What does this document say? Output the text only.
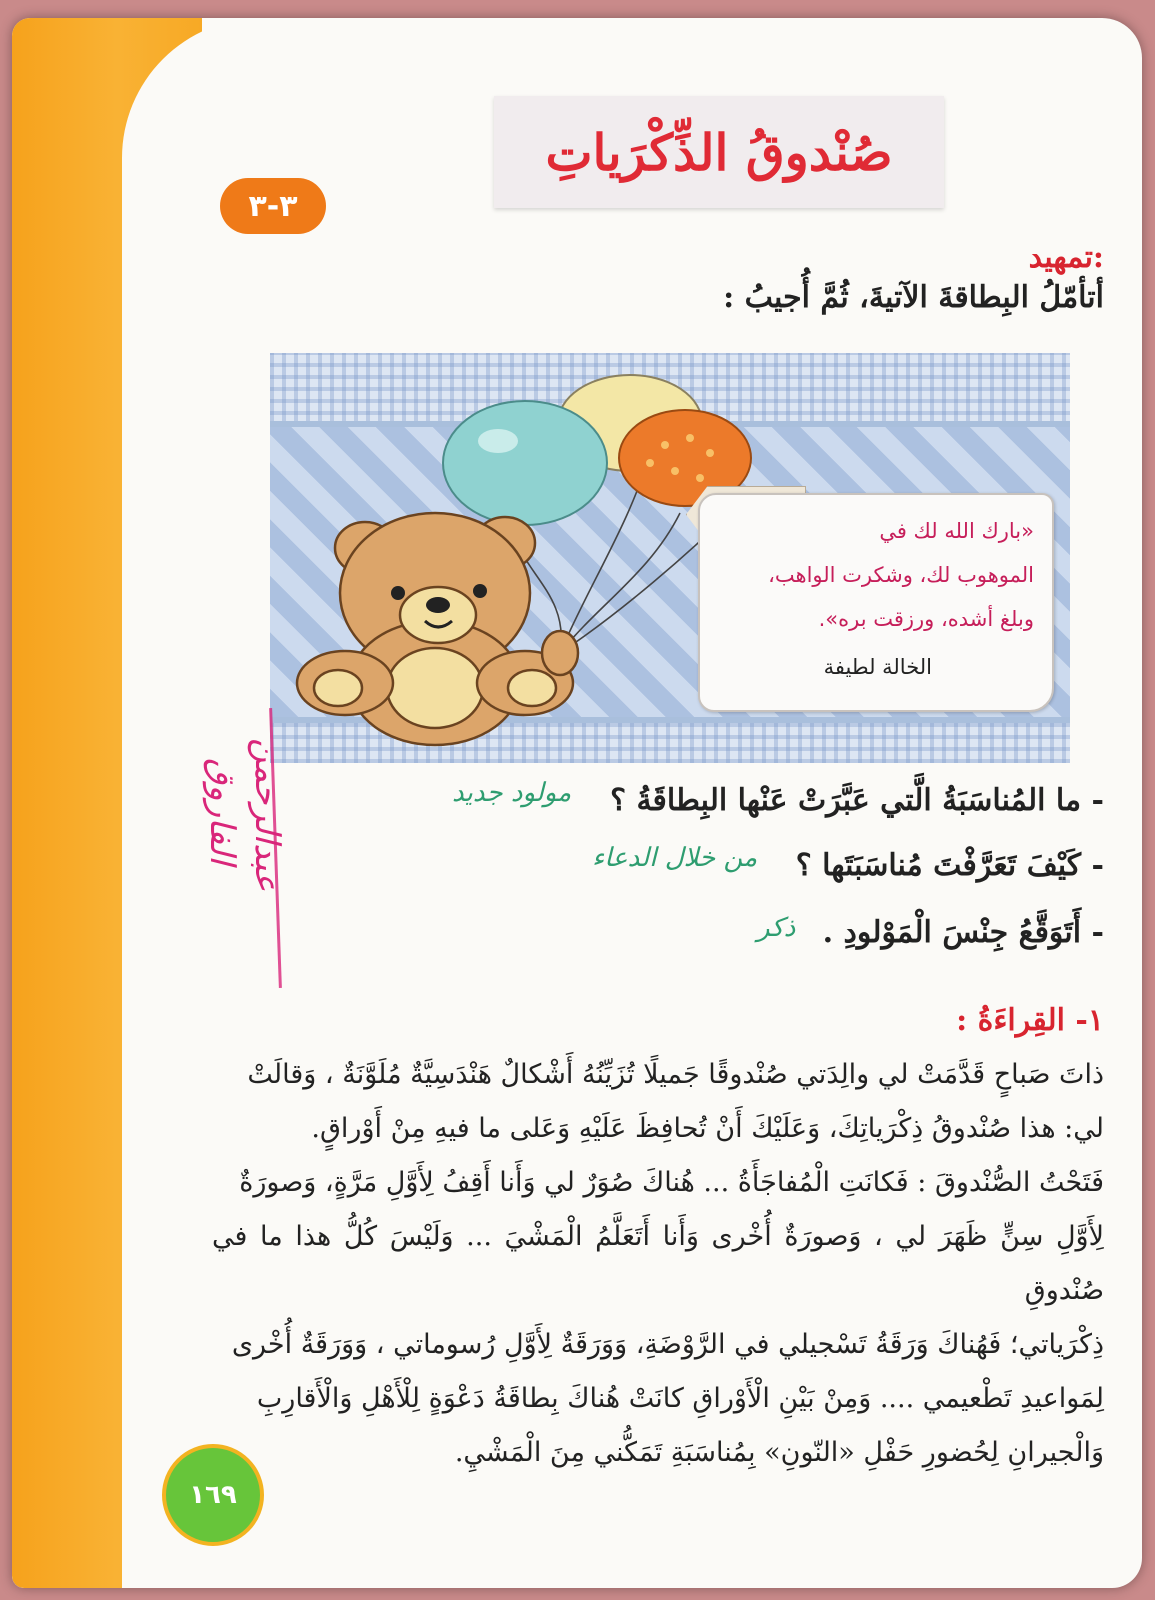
صُنْدوقُ الذِّكْرَياتِ
٣-٣
تمهيد:
أتأمّلُ البِطاقةَ الآتيةَ، ثُمَّ أُجيبُ :
«بارك الله لك في
الموهوب لك، وشكرت الواهب،
وبلغ أشده، ورزقت بره».
الخالة لطيفة
الفاروق عبدالرحمن	- ما المُناسَبَةُ الَّتي عَبَّرَتْ عَنْها البِطاقَةُ ؟
مولود جديد
- كَيْفَ تَعَرَّفْتَ مُناسَبَتَها ؟
من خلال الدعاء
- أَتَوَقَّعُ جِنْسَ الْمَوْلودِ .
ذكر
١- القِراءَةُ :

ذاتَ صَباحٍ قَدَّمَتْ لي والِدَتي صُنْدوقًا جَميلًا تُزَيِّنُهُ أَشْكالٌ هَنْدَسِيَّةٌ مُلَوَّنَةٌ ، وَقالَتْ

لي: هذا صُنْدوقُ ذِكْرَياتِكَ، وَعَلَيْكَ أَنْ تُحافِظَ عَلَيْهِ وَعَلى ما فيهِ مِنْ أَوْراقٍ.

فَتَحْتُ الصُّنْدوقَ : فَكانَتِ الْمُفاجَأَةُ ... هُناكَ صُوَرٌ لي وَأَنا أَقِفُ لِأَوَّلِ مَرَّةٍ، وَصورَةٌ

لِأَوَّلِ سِنٍّ ظَهَرَ لي ، وَصورَةٌ أُخْرى وَأَنا أَتَعَلَّمُ الْمَشْيَ ... وَلَيْسَ كُلُّ هذا ما في صُنْدوقِ

ذِكْرَياتي؛ فَهُناكَ وَرَقَةُ تَسْجيلي في الرَّوْضَةِ، وَوَرَقَةٌ لِأَوَّلِ رُسوماتي ، وَوَرَقَةٌ أُخْرى

لِمَواعيدِ تَطْعيمي .... وَمِنْ بَيْنِ الْأَوْراقِ كانَتْ هُناكَ بِطاقَةُ دَعْوَةٍ لِلْأَهْلِ وَالْأَقارِبِ

وَالْجيرانِ لِحُضورِ حَفْلِ «النّونِ» بِمُناسَبَةِ تَمَكُّني مِنَ الْمَشْيِ.

١٦٩
